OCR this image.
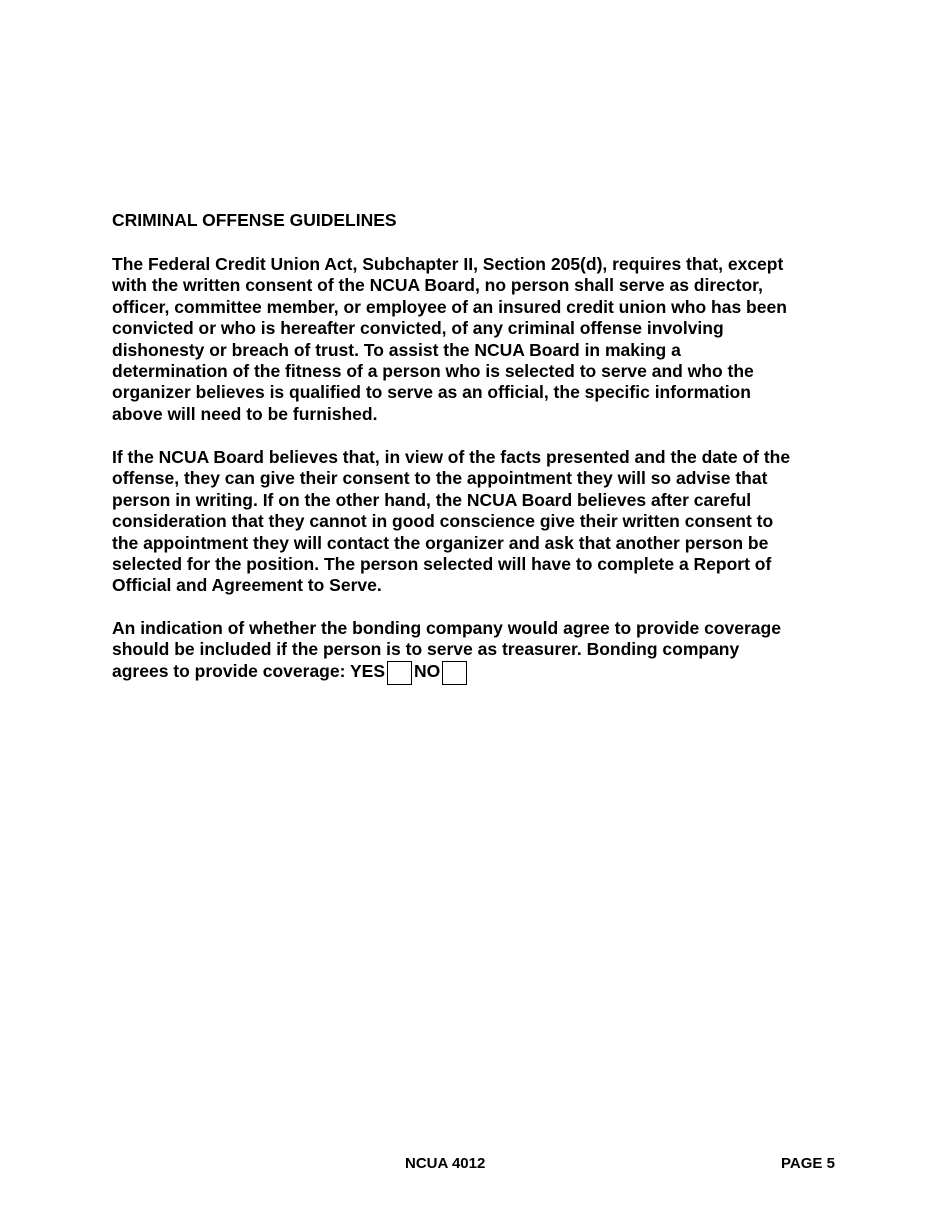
CRIMINAL OFFENSE GUIDELINES

The Federal Credit Union Act, Subchapter II, Section 205(d), requires that, except
with the written consent of the NCUA Board, no person shall serve as director,
officer, committee member, or employee of an insured credit union who has been
convicted or who is hereafter convicted, of any criminal offense involving
dishonesty or breach of trust. To assist the NCUA Board in making a
determination of the fitness of a person who is selected to serve and who the
organizer believes is qualified to serve as an official, the specific information
above will need to be furnished.

If the NCUA Board believes that, in view of the facts presented and the date of the
offense, they can give their consent to the appointment they will so advise that
person in writing. If on the other hand, the NCUA Board believes after careful
consideration that they cannot in good conscience give their written consent to
the appointment they will contact the organizer and ask that another person be
selected for the position. The person selected will have to complete a Report of
Official and Agreement to Serve.

An indication of whether the bonding company would agree to provide coverage
should be included if the person is to serve as treasurer. Bonding company
agrees to provide coverage: YES NO

NCUA 4012	PAGE 5
